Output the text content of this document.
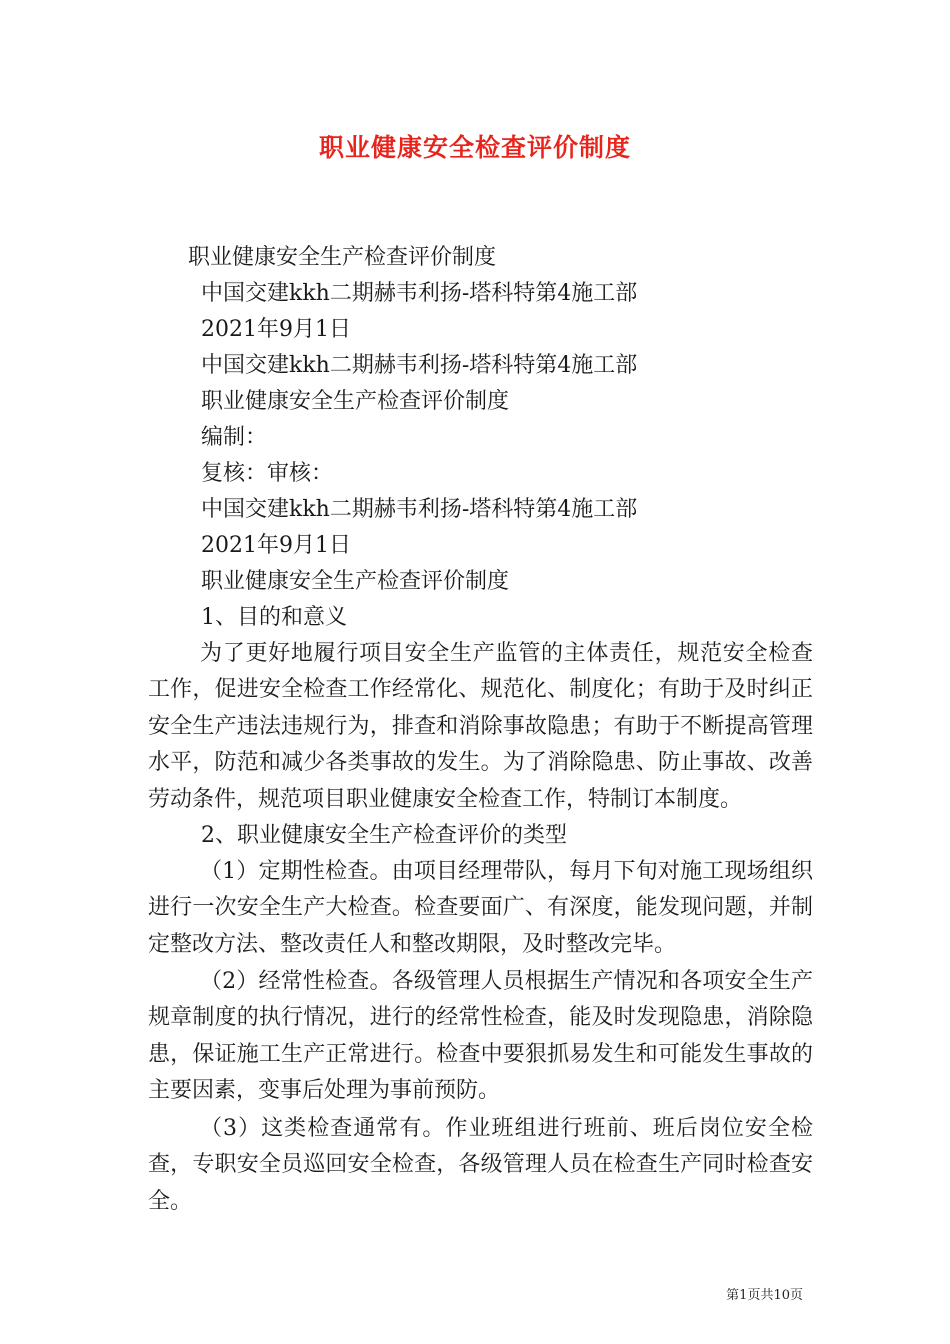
职业健康安全检查评价制度
职业健康安全生产检查评价制度
中国交建kkh二期赫韦利扬-塔科特第4施工部
2021年9月1日
中国交建kkh二期赫韦利扬-塔科特第4施工部
职业健康安全生产检查评价制度
编制：
复核：审核：
中国交建kkh二期赫韦利扬-塔科特第4施工部
2021年9月1日
职业健康安全生产检查评价制度
1、目的和意义
为了更好地履行项目安全生产监管的主体责任，规范安全检查工作，促进安全检查工作经常化、规范化、制度化；有助于及时纠正安全生产违法违规行为，排查和消除事故隐患；有助于不断提高管理水平，防范和减少各类事故的发生。为了消除隐患、防止事故、改善劳动条件，规范项目职业健康安全检查工作，特制订本制度。
2、职业健康安全生产检查评价的类型
（1）定期性检查。由项目经理带队，每月下旬对施工现场组织进行一次安全生产大检查。检查要面广、有深度，能发现问题，并制定整改方法、整改责任人和整改期限，及时整改完毕。
（2）经常性检查。各级管理人员根据生产情况和各项安全生产规章制度的执行情况，进行的经常性检查，能及时发现隐患，消除隐患，保证施工生产正常进行。检查中要狠抓易发生和可能发生事故的主要因素，变事后处理为事前预防。
（3）这类检查通常有。作业班组进行班前、班后岗位安全检查，专职安全员巡回安全检查，各级管理人员在检查生产同时检查安全。
第1页共10页
